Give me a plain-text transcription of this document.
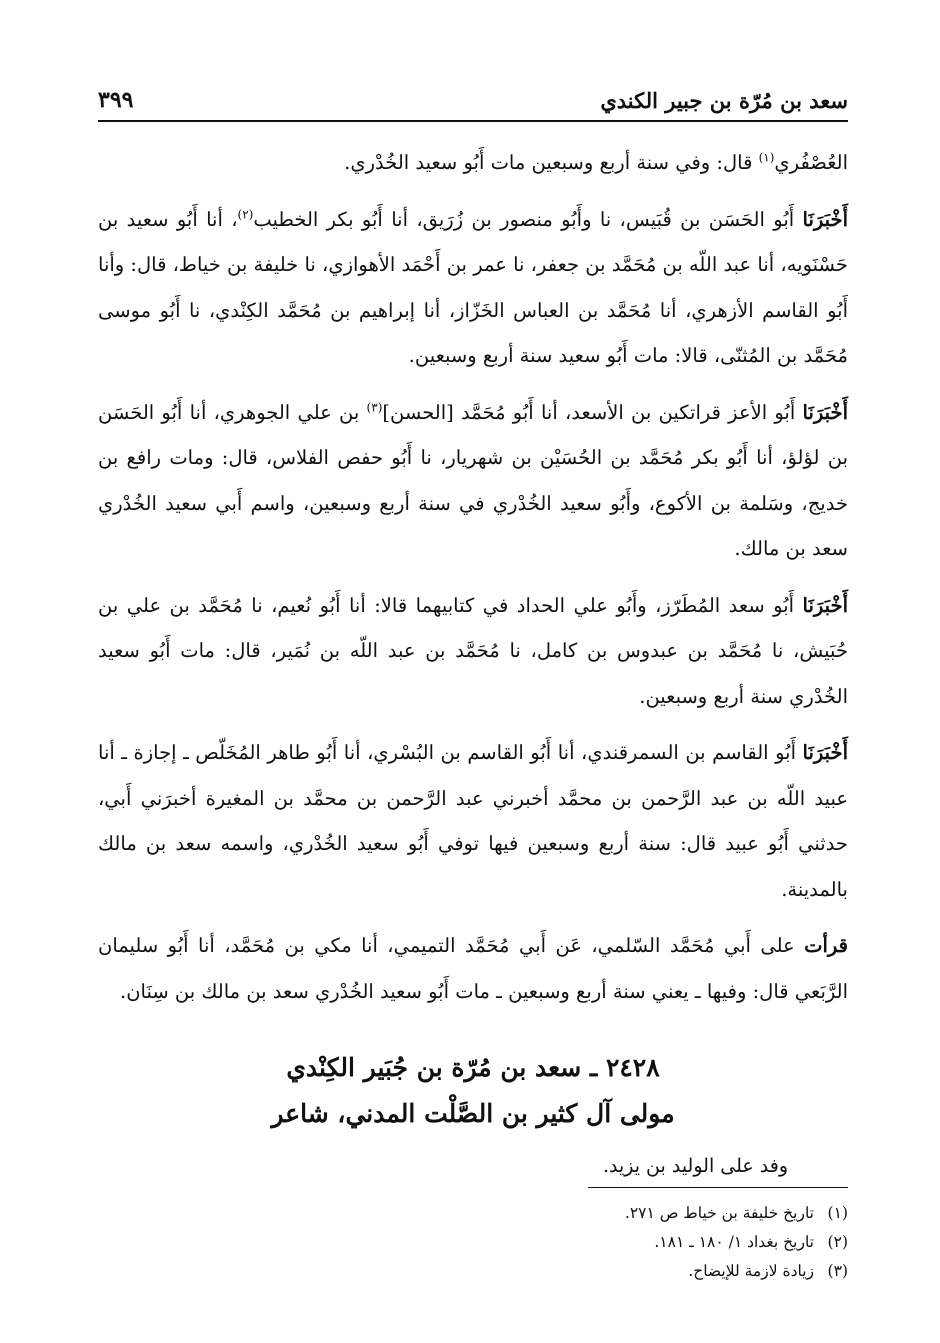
سعد بن مُرّة بن جبير الكندي
٣٩٩

العُصْفُري$^{(١)}$ قال: وفي سنة أربع وسبعين مات أَبُو سعيد الخُدْري.

أَخْبَرَنَا أَبُو الحَسَن بن قُبَيس، نا وأَبُو منصور بن زُرَيق، أنا أَبُو بكر الخطيب$^{(٢)}$، أنا أَبُو سعيد بن حَسْنَويه، أنا عبد اللّه بن مُحَمَّد بن جعفر، نا عمر بن أَحْمَد الأهوازي، نا خليفة بن خياط، قال: وأنا أَبُو القاسم الأزهري، أنا مُحَمَّد بن العباس الخَزّاز، أنا إبراهيم بن مُحَمَّد الكِنْدي، نا أَبُو موسى مُحَمَّد بن المُثنّى، قالا: مات أَبُو سعيد سنة أربع وسبعين.

أَخْبَرَنَا أَبُو الأعز قراتكين بن الأسعد، أنا أَبُو مُحَمَّد [الحسن]$^{(٣)}$ بن علي الجوهري، أنا أَبُو الحَسَن بن لؤلؤ، أنا أَبُو بكر مُحَمَّد بن الحُسَيْن بن شهريار، نا أَبُو حفص الفلاس، قال: ومات رافع بن خديج، وسَلمة بن الأكوع، وأَبُو سعيد الخُدْري في سنة أربع وسبعين، واسم أَبي سعيد الخُدْري سعد بن مالك.

أَخْبَرَنَا أَبُو سعد المُطَرّز، وأَبُو علي الحداد في كتابيهما قالا: أنا أَبُو نُعيم، نا مُحَمَّد بن علي بن حُبَيش، نا مُحَمَّد بن عبدوس بن كامل، نا مُحَمَّد بن عبد اللّه بن نُمَير، قال: مات أَبُو سعيد الخُدْري سنة أربع وسبعين.

أَخْبَرَنَا أَبُو القاسم بن السمرقندي، أنا أَبُو القاسم بن البُسْري، أنا أَبُو طاهر المُخَلّص ـ إجازة ـ أنا عبيد اللّه بن عبد الرَّحمن بن محمَّد أخبرني عبد الرَّحمن بن محمَّد بن المغيرة أخبرَني أَبي، حدثني أَبُو عبيد قال: سنة أربع وسبعين فيها توفي أَبُو سعيد الخُدْري، واسمه سعد بن مالك بالمدينة.

قرأت على أَبي مُحَمَّد السّلمي، عَن أَبي مُحَمَّد التميمي، أنا مكي بن مُحَمَّد، أنا أَبُو سليمان الرَّبَعي قال: وفيها ـ يعني سنة أربع وسبعين ـ مات أَبُو سعيد الخُدْري سعد بن مالك بن سِنَان.

٢٤٢٨ ـ سعد بن مُرّة بن جُبَير الكِنْدي
مولى آل كثير بن الصَّلْت المدني، شاعر
وفد على الوليد بن يزيد.
(١)تاريخ خليفة بن خياط ص ٢٧١.
(٢)تاريخ بغداد ١/ ١٨٠ ـ ١٨١.
(٣)زيادة لازمة للإيضاح.
